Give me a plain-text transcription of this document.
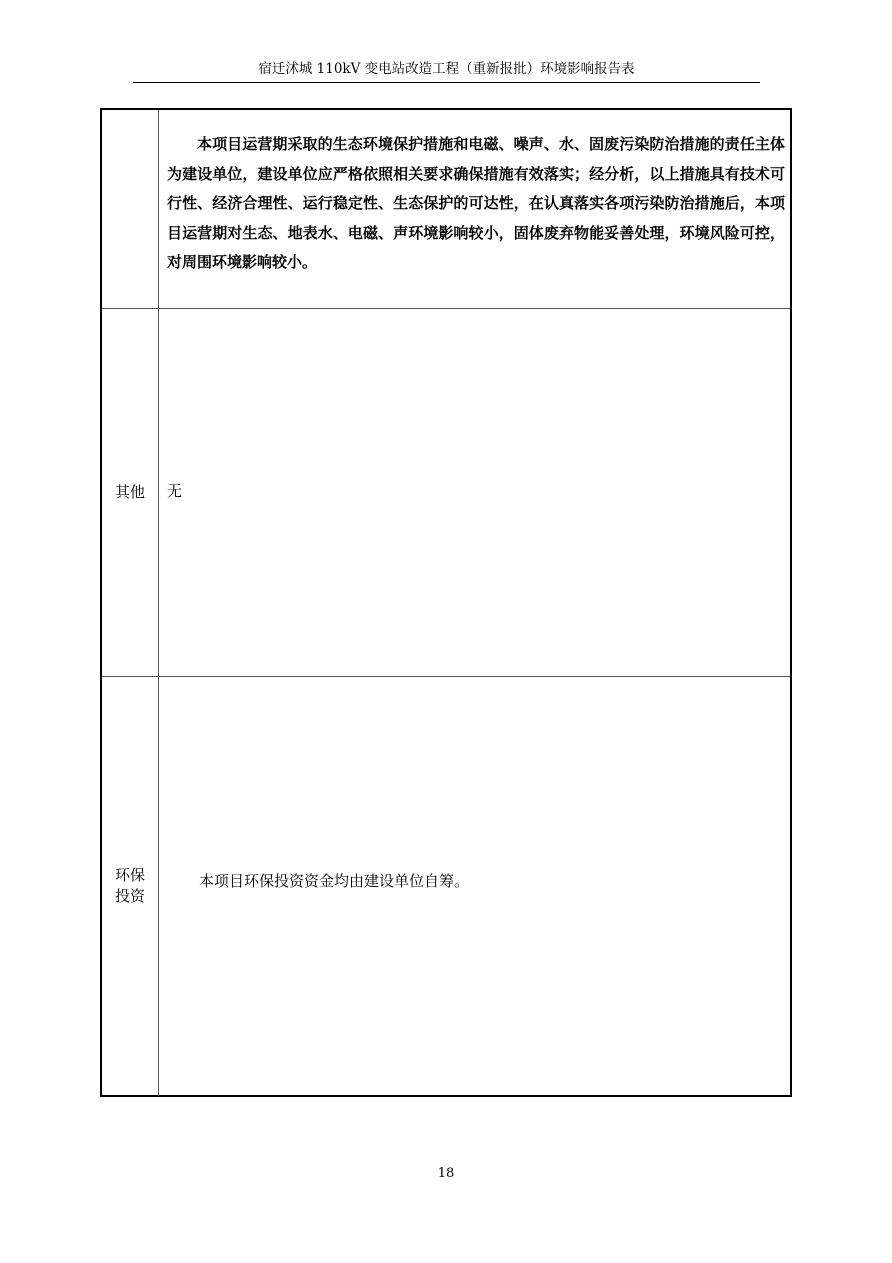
宿迁沭城 110kV 变电站改造工程（重新报批）环境影响报告表
本项目运营期采取的生态环境保护措施和电磁、噪声、水、固废污染防治措施的责任主体为建设单位，建设单位应严格依照相关要求确保措施有效落实；经分析，以上措施具有技术可行性、经济合理性、运行稳定性、生态保护的可达性，在认真落实各项污染防治措施后，本项目运营期对生态、地表水、电磁、声环境影响较小，固体废弃物能妥善处理，环境风险可控，对周围环境影响较小。
其他	无
环保
投资
本项目环保投资资金均由建设单位自筹。
18
